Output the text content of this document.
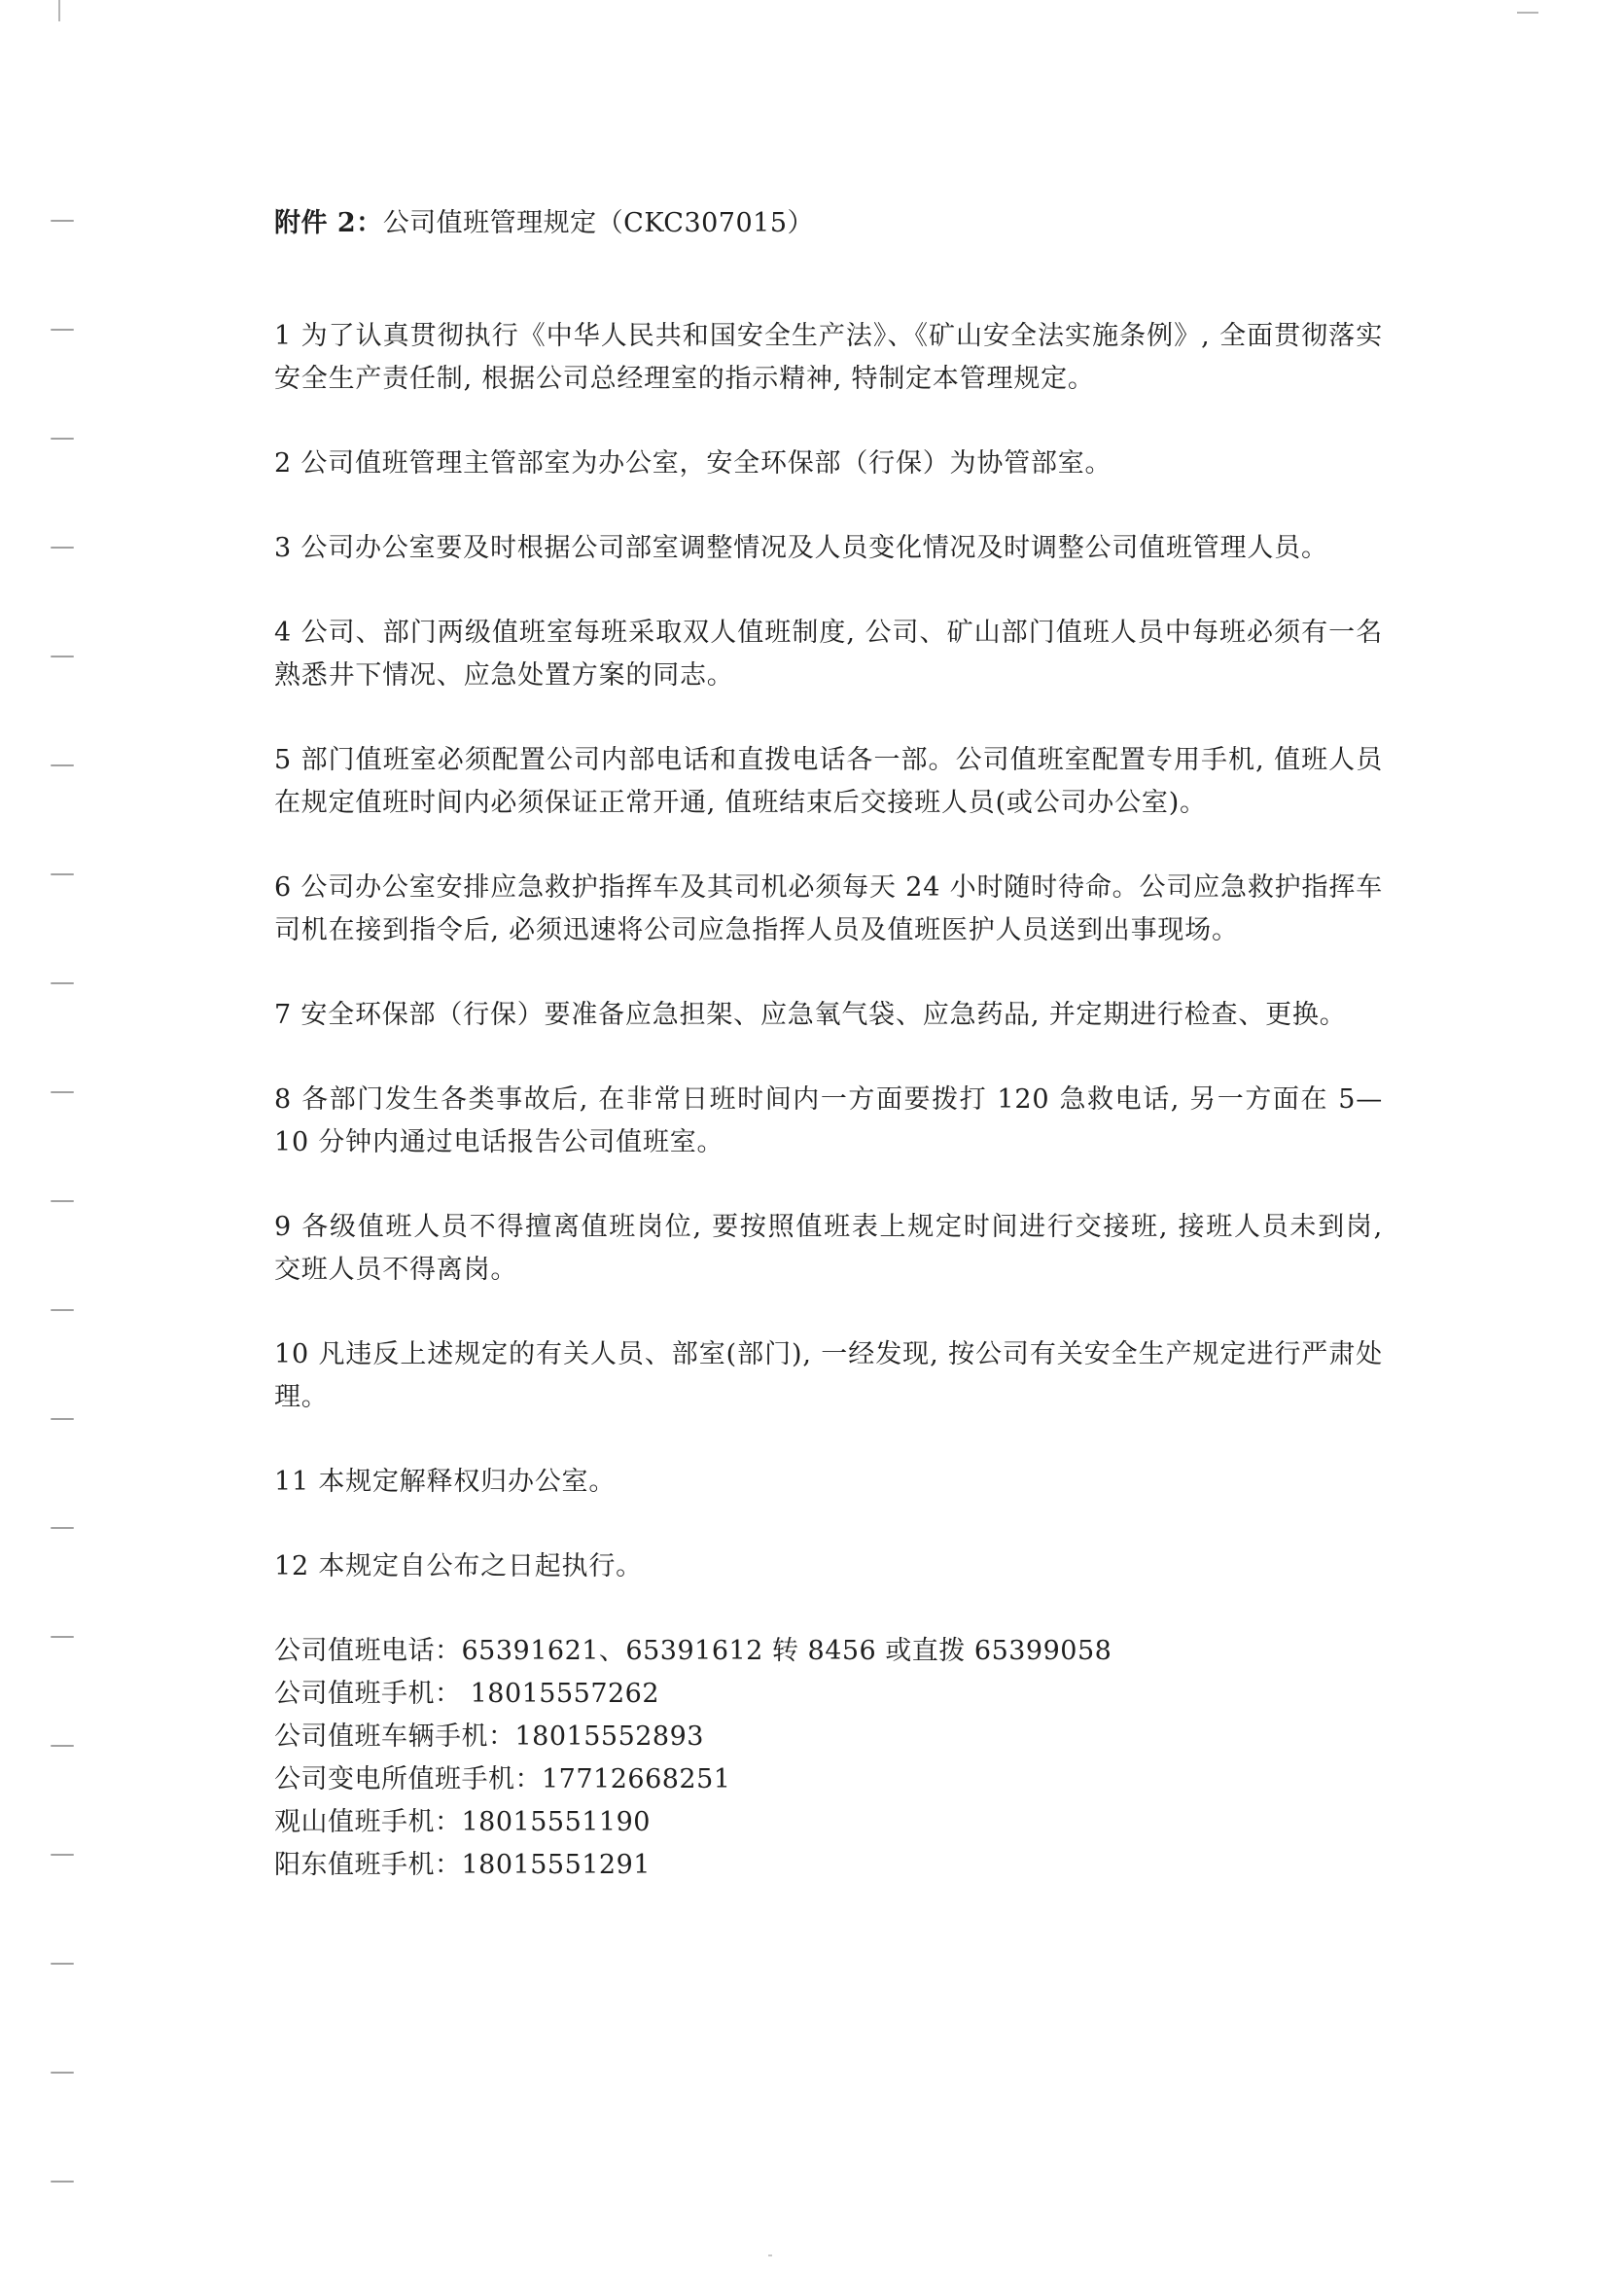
附件 2：公司值班管理规定（CKC307015）

1 为了认真贯彻执行《中华人民共和国安全生产法》、《矿山安全法实施条例》, 全面贯彻落实安全生产责任制, 根据公司总经理室的指示精神, 特制定本管理规定。

2 公司值班管理主管部室为办公室，安全环保部（行保）为协管部室。

3 公司办公室要及时根据公司部室调整情况及人员变化情况及时调整公司值班管理人员。

4 公司、部门两级值班室每班采取双人值班制度, 公司、矿山部门值班人员中每班必须有一名熟悉井下情况、应急处置方案的同志。

5 部门值班室必须配置公司内部电话和直拨电话各一部。公司值班室配置专用手机, 值班人员在规定值班时间内必须保证正常开通, 值班结束后交接班人员(或公司办公室)。

6 公司办公室安排应急救护指挥车及其司机必须每天 24 小时随时待命。公司应急救护指挥车司机在接到指令后, 必须迅速将公司应急指挥人员及值班医护人员送到出事现场。

7 安全环保部（行保）要准备应急担架、应急氧气袋、应急药品, 并定期进行检查、更换。

8 各部门发生各类事故后, 在非常日班时间内一方面要拨打 120 急救电话, 另一方面在 5—10 分钟内通过电话报告公司值班室。

9 各级值班人员不得擅离值班岗位, 要按照值班表上规定时间进行交接班, 接班人员未到岗, 交班人员不得离岗。

10 凡违反上述规定的有关人员、部室(部门), 一经发现, 按公司有关安全生产规定进行严肃处理。

11 本规定解释权归办公室。

12 本规定自公布之日起执行。

公司值班电话：65391621、65391612 转 8456 或直拨 65399058
公司值班手机： 18015557262
公司值班车辆手机：18015552893
公司变电所值班手机：17712668251
观山值班手机：18015551190
阳东值班手机：18015551291
